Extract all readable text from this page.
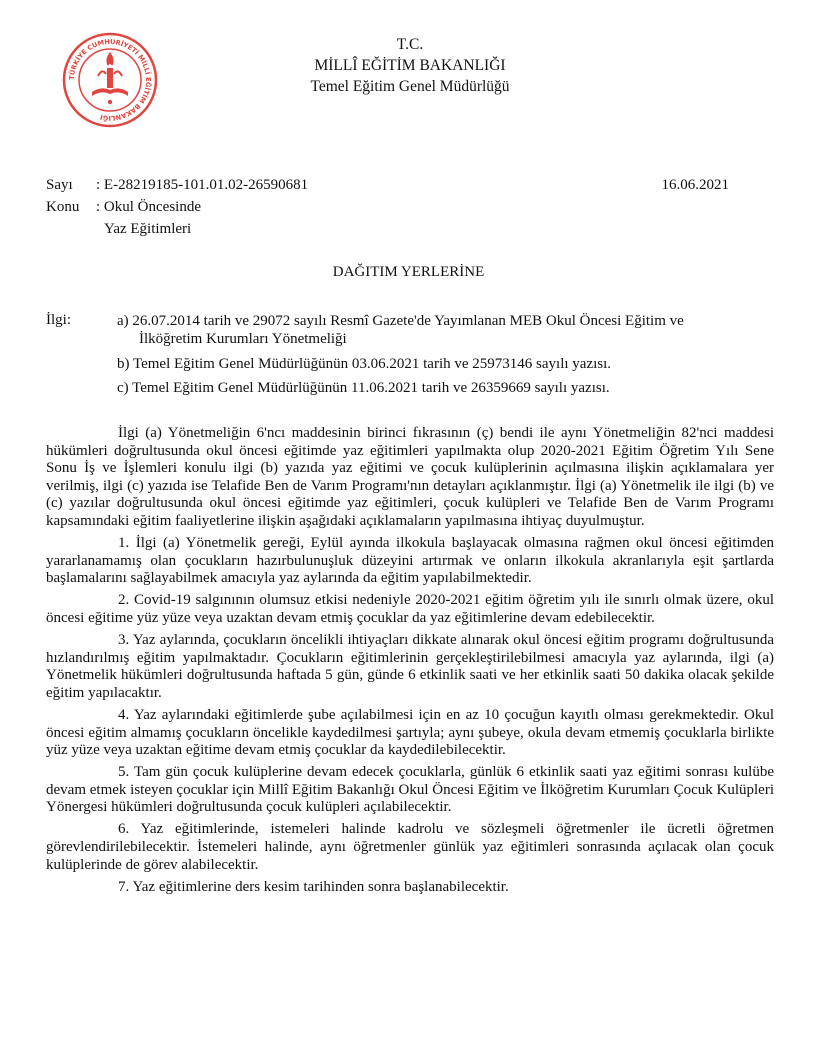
TÜRKİYE CUMHURİYETİ MİLLÎ EĞİTİM BAKANLIĞI
T.C.
MİLLÎ EĞİTİM BAKANLIĞI
Temel Eğitim Genel Müdürlüğü
Sayı : E-28219185-101.01.02-26590681	16.06.2021
Konu : Okul Öncesinde
Yaz Eğitimleri
DAĞITIM YERLERİNE
İlgi:	a) 26.07.2014 tarih ve 29072 sayılı Resmî Gazete'de Yayımlanan MEB Okul Öncesi Eğitim ve
İlköğretim Kurumları Yönetmeliği
b) Temel Eğitim Genel Müdürlüğünün 03.06.2021 tarih ve 25973146 sayılı yazısı.
c) Temel Eğitim Genel Müdürlüğünün 11.06.2021 tarih ve 26359669 sayılı yazısı.

İlgi (a) Yönetmeliğin 6'ncı maddesinin birinci fıkrasının (ç) bendi ile aynı Yönetmeliğin 82'nci maddesi hükümleri doğrultusunda okul öncesi eğitimde yaz eğitimleri yapılmakta olup 2020-2021 Eğitim Öğretim Yılı Sene Sonu İş ve İşlemleri konulu ilgi (b) yazıda yaz eğitimi ve çocuk kulüplerinin açılmasına ilişkin açıklamalara yer verilmiş, ilgi (c) yazıda ise Telafide Ben de Varım Programı'nın detayları açıklanmıştır. İlgi (a) Yönetmelik ile ilgi (b) ve (c) yazılar doğrultusunda okul öncesi eğitimde yaz eğitimleri, çocuk kulüpleri ve Telafide Ben de Varım Programı kapsamındaki eğitim faaliyetlerine ilişkin aşağıdaki açıklamaların yapılmasına ihtiyaç duyulmuştur.

1. İlgi (a) Yönetmelik gereği, Eylül ayında ilkokula başlayacak olmasına rağmen okul öncesi eğitimden yararlanamamış olan çocukların hazırbulunuşluk düzeyini artırmak ve onların ilkokula akranlarıyla eşit şartlarda başlamalarını sağlayabilmek amacıyla yaz aylarında da eğitim yapılabilmektedir.

2. Covid-19 salgınının olumsuz etkisi nedeniyle 2020-2021 eğitim öğretim yılı ile sınırlı olmak üzere, okul öncesi eğitime yüz yüze veya uzaktan devam etmiş çocuklar da yaz eğitimlerine devam edebilecektir.

3. Yaz aylarında, çocukların öncelikli ihtiyaçları dikkate alınarak okul öncesi eğitim programı doğrultusunda hızlandırılmış eğitim yapılmaktadır. Çocukların eğitimlerinin gerçekleştirilebilmesi amacıyla yaz aylarında, ilgi (a) Yönetmelik hükümleri doğrultusunda haftada 5 gün, günde 6 etkinlik saati ve her etkinlik saati 50 dakika olacak şekilde eğitim yapılacaktır.

4. Yaz aylarındaki eğitimlerde şube açılabilmesi için en az 10 çocuğun kayıtlı olması gerekmektedir. Okul öncesi eğitim almamış çocukların öncelikle kaydedilmesi şartıyla; aynı şubeye, okula devam etmemiş çocuklarla birlikte yüz yüze veya uzaktan eğitime devam etmiş çocuklar da kaydedilebilecektir.

5. Tam gün çocuk kulüplerine devam edecek çocuklarla, günlük 6 etkinlik saati yaz eğitimi sonrası kulübe devam etmek isteyen çocuklar için Millî Eğitim Bakanlığı Okul Öncesi Eğitim ve İlköğretim Kurumları Çocuk Kulüpleri Yönergesi hükümleri doğrultusunda çocuk kulüpleri açılabilecektir.

6. Yaz eğitimlerinde, istemeleri halinde kadrolu ve sözleşmeli öğretmenler ile ücretli öğretmen görevlendirilebilecektir. İstemeleri halinde, aynı öğretmenler günlük yaz eğitimleri sonrasında açılacak olan çocuk kulüplerinde de görev alabilecektir.

7. Yaz eğitimlerine ders kesim tarihinden sonra başlanabilecektir.
